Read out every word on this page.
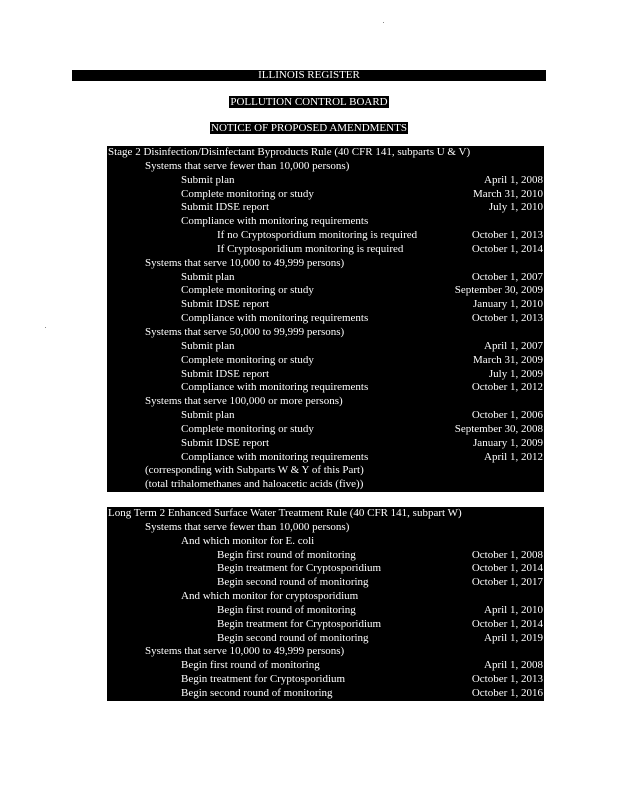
ILLINOIS REGISTER
POLLUTION CONTROL BOARD
NOTICE OF PROPOSED AMENDMENTS
Stage 2 Disinfection/Disinfectant Byproducts Rule (40 CFR 141, subparts U & V)
Systems that serve fewer than 10,000 persons)
Submit plan	April 1, 2008
Complete monitoring or study	March 31, 2010
Submit IDSE report	July 1, 2010
Compliance with monitoring requirements
If no Cryptosporidium monitoring is required	October 1, 2013
If Cryptosporidium monitoring is required	October 1, 2014
Systems that serve 10,000 to 49,999 persons)
Submit plan	October 1, 2007
Complete monitoring or study	September 30, 2009
Submit IDSE report	January 1, 2010
Compliance with monitoring requirements	October 1, 2013
Systems that serve 50,000 to 99,999 persons)
Submit plan	April 1, 2007
Complete monitoring or study	March 31, 2009
Submit IDSE report	July 1, 2009
Compliance with monitoring requirements	October 1, 2012
Systems that serve 100,000 or more persons)
Submit plan	October 1, 2006
Complete monitoring or study	September 30, 2008
Submit IDSE report	January 1, 2009
Compliance with monitoring requirements	April 1, 2012
(corresponding with Subparts W & Y of this Part)
(total trihalomethanes and haloacetic acids (five))
Long Term 2 Enhanced Surface Water Treatment Rule (40 CFR 141, subpart W)
Systems that serve fewer than 10,000 persons)
And which monitor for E. coli
Begin first round of monitoring	October 1, 2008
Begin treatment for Cryptosporidium	October 1, 2014
Begin second round of monitoring	October 1, 2017
And which monitor for cryptosporidium
Begin first round of monitoring	April 1, 2010
Begin treatment for Cryptosporidium	October 1, 2014
Begin second round of monitoring	April 1, 2019
Systems that serve 10,000 to 49,999 persons)
Begin first round of monitoring	April 1, 2008
Begin treatment for Cryptosporidium	October 1, 2013
Begin second round of monitoring	October 1, 2016
